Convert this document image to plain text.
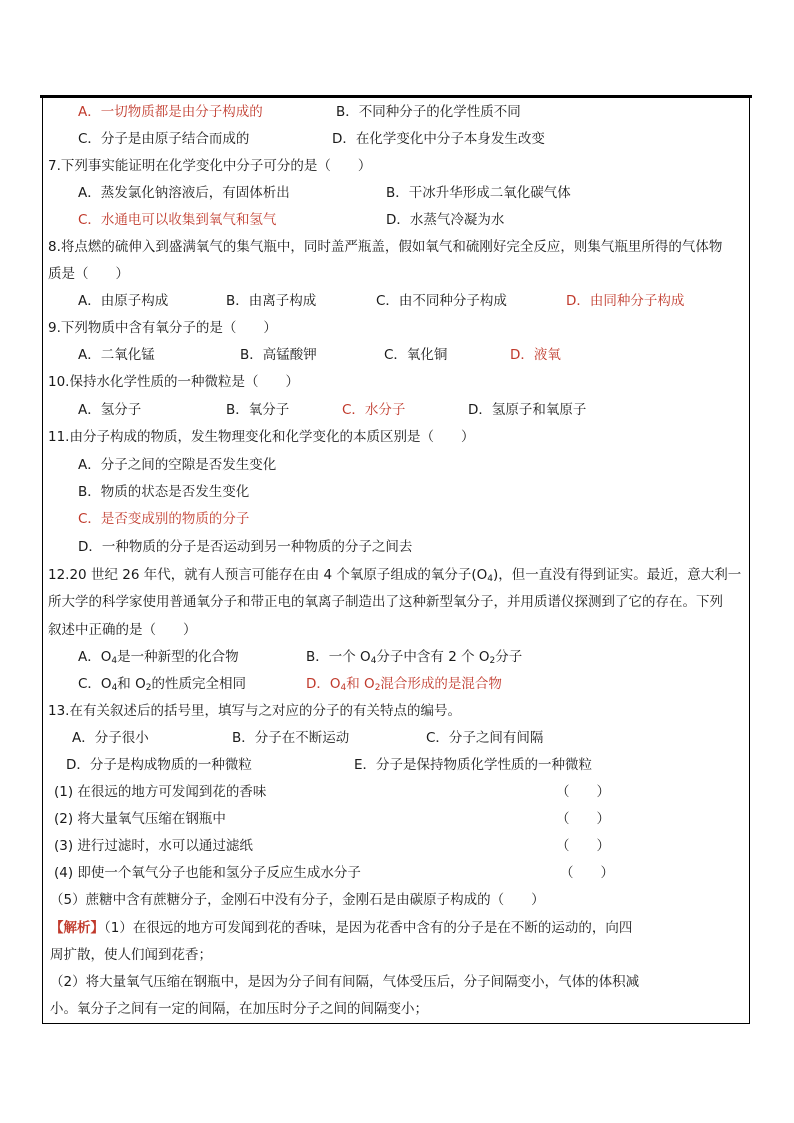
A．一切物质都是由分子构成的	B．不同种分子的化学性质不同
C．分子是由原子结合而成的	D．在化学变化中分子本身发生改变
7.下列事实能证明在化学变化中分子可分的是（　　）
A．蒸发氯化钠溶液后，有固体析出	B．干冰升华形成二氧化碳气体
C．水通电可以收集到氧气和氢气	D．水蒸气冷凝为水
8.将点燃的硫伸入到盛满氧气的集气瓶中，同时盖严瓶盖，假如氧气和硫刚好完全反应，则集气瓶里所得的气体物
质是（　　）
A．由原子构成	B．由离子构成	C．由不同种分子构成	D．由同种分子构成
9.下列物质中含有氧分子的是（　　）
A．二氧化锰	B．高锰酸钾	C．氧化铜	D．液氧
10.保持水化学性质的一种微粒是（　　）
A．氢分子	B．氧分子	C．水分子	D．氢原子和氧原子
11.由分子构成的物质，发生物理变化和化学变化的本质区别是（　　）
A．分子之间的空隙是否发生变化
B．物质的状态是否发生变化
C．是否变成别的物质的分子
D．一种物质的分子是否运动到另一种物质的分子之间去
12.20 世纪 26 年代，就有人预言可能存在由 4 个氧原子组成的氧分子$(O_4)$，但一直没有得到证实。最近，意大利一
所大学的科学家使用普通氧分子和带正电的氧离子制造出了这种新型氧分子，并用质谱仪探测到了它的存在。下列
叙述中正确的是（　　）
A．$O_4$是一种新型的化合物	B．一个 $O_4$分子中含有 2 个 $O_2$分子
C．$O_4$和 $O_2$的性质完全相同	D．$O_4$和 $O_2$混合形成的是混合物
13.在有关叙述后的括号里，填写与之对应的分子的有关特点的编号。
A．分子很小	B．分子在不断运动	C．分子之间有间隔
D．分子是构成物质的一种微粒	E．分子是保持物质化学性质的一种微粒
(1) 在很远的地方可发闻到花的香味	（　　）
(2) 将大量氧气压缩在钢瓶中	（　　）
(3) 进行过滤时，水可以通过滤纸	（　　）
(4) 即使一个氧气分子也能和氢分子反应生成水分子	（　　）
（5）蔗糖中含有蔗糖分子，金刚石中没有分子，金刚石是由碳原子构成的（　　）
【解析】（1）在很远的地方可发闻到花的香味，是因为花香中含有的分子是在不断的运动的，向四
周扩散，使人们闻到花香；
（2）将大量氧气压缩在钢瓶中，是因为分子间有间隔，气体受压后，分子间隔变小，气体的体积减
小。氧分子之间有一定的间隔，在加压时分子之间的间隔变小；
